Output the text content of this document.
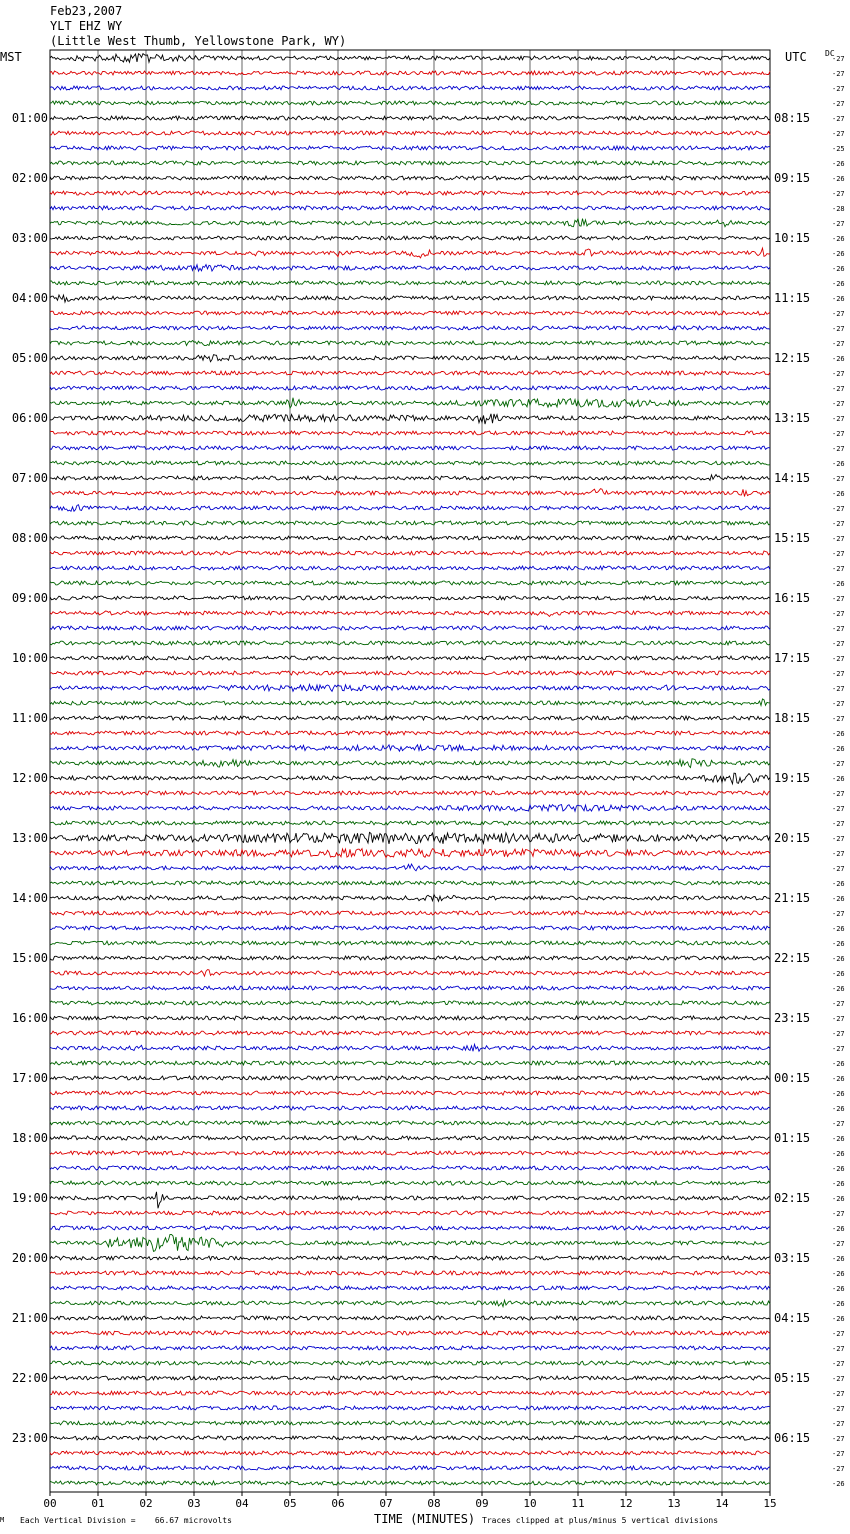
Feb23,2007
YLT EHZ WY
(Little West Thumb, Yellowstone Park, WY)
MST	UTC DC
00	01	02	03	04	05	06	07	08	09	10	11	12	13	14	15
-27
-27
-27
-27
-27
-27
-25
-26
-26
-27
-28
-27
-26
-26
-26
-26
-26
-27
-27
-27
-26
-27
-27
-27
-27
-27
-27
-26
-27
-26
-27
-27
-27
-27
-27
-26
-27
-27
-27
-27
-27
-27
-27
-27
-27
-26
-26
-27
-26
-27
-27
-27
-27
-27
-27
-26
-26
-27
-26
-26
-26
-26
-26
-27
-27
-27
-27
-26
-26
-26
-26
-27
-26
-26
-26
-26
-26
-27
-26
-27
-26
-26
-26
-26
-26
-27
-27
-27
-27
-27
-27
-27
-27
-27
-27
-26
01:00
02:00
03:00
04:00
05:00
06:00
07:00
08:00
09:00
10:00
11:00
12:00
13:00
14:00
15:00
16:00
17:00
18:00
19:00
20:00
21:00
22:00
23:00
08:15
09:15
10:15
11:15
12:15
13:15
14:15
15:15
16:15
17:15
18:15
19:15
20:15
21:15
22:15
23:15
00:15
01:15
02:15
03:15
04:15
05:15
06:15
M Each Vertical Division =    66.67 microvolts	TIME (MINUTES) Traces clipped at plus/minus 5 vertical divisions
